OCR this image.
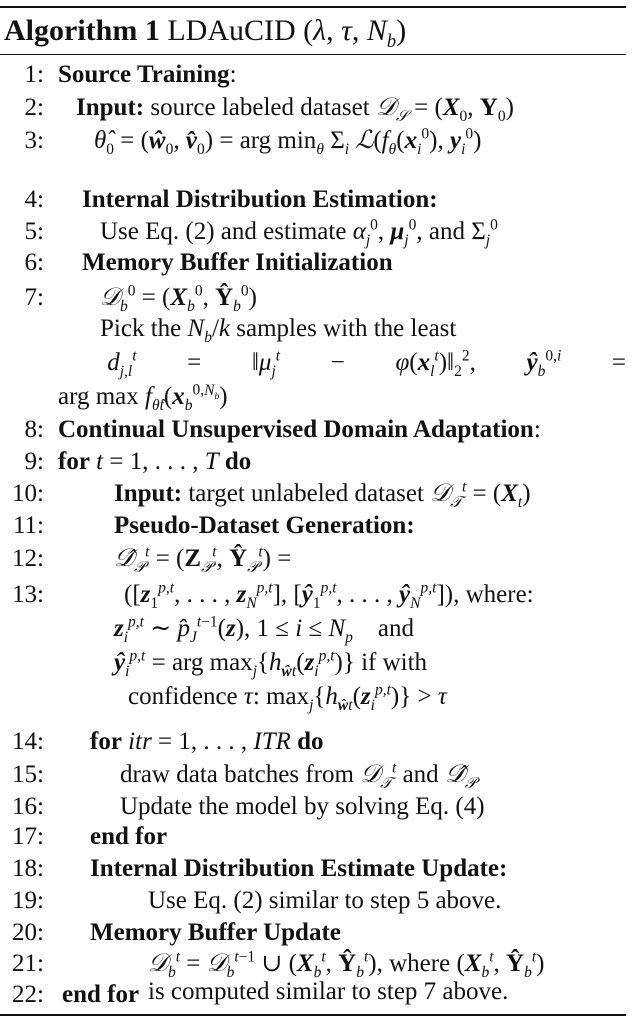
Algorithm 1 LDAuCID (λ, τ, $N_b$)
1: Source Training:
2: Input: source labeled dataset 𝒟$_𝒮$ = ($X_0$, $Y_0$)
3: $\thetâ_0$ = ($ŵ_0$, $v̂_0$) = arg $\min_\theta \Sigma_i$ $ℒ(f_\theta(x_i^0)$, $y_i^0$)
4: Internal Distribution Estimation:
5: Use Eq. (2) and estimate $\alpha_j^0$, $\mu_j^0$, and $\Sigma_j^0$
6: Memory Buffer Initialization
7: 𝒟$_b^0$ = ($X_b^0$, $Ŷ_b^0$)
Pick the $N_b/k$ samples with the least
$d_{j,l}^t$ = $‖\mu_j^t$ − $\varphi(x_l^t)‖_2^2$, $ŷ_b^{0,i}$ =
arg $\max f_{\thetât}(x_b^{0,N_b})$
8: Continual Unsupervised Domain Adaptation:
9: for t = 1, . . . , T do
10:	Input: target unlabeled dataset 𝒟$_𝒯^t$ = $(X_t)$
11:	Pseudo-Dataset Generation:
12:	$𝒟̂_𝒫^t = (Z_𝒫^t$, $Ŷ_𝒫^t$) =
13:	([$z_1^{p,t}$, . . . , $z_N^{p,t}$], [$ŷ_1^{p,t}$, . . . , $ŷ_N^{p,t}$]), where:
$z_i^{p,t}$ ∼ $p̂_J^{t-1}(z)$, $1 \le i \le N_p$    and
$ŷ_i^{p,t}$ = arg $\max_j\{h_{ŵt}(z_i^{p,t})\}$ if with
confidence τ: $\max_j\{h_{ŵt}(z_i^{p,t})\} > \tau$
14: for itr = 1, . . . , ITR do
15:	draw data batches from 𝒟$_𝒯^t$ and $𝒟̂_𝒫$
16:	Update the model by solving Eq. (4)
17: end for
18: Internal Distribution Estimate Update:
19:	Use Eq. (2) similar to step 5 above.
20: Memory Buffer Update
21:	𝒟$_b^t$ = 𝒟$_b^{t-1}$ ∪ ($X_b^t$, $Ŷ_b^t$), where ($X_b^t$, $Ŷ_b^t$)
is computed similar to step 7 above.
22: end for
